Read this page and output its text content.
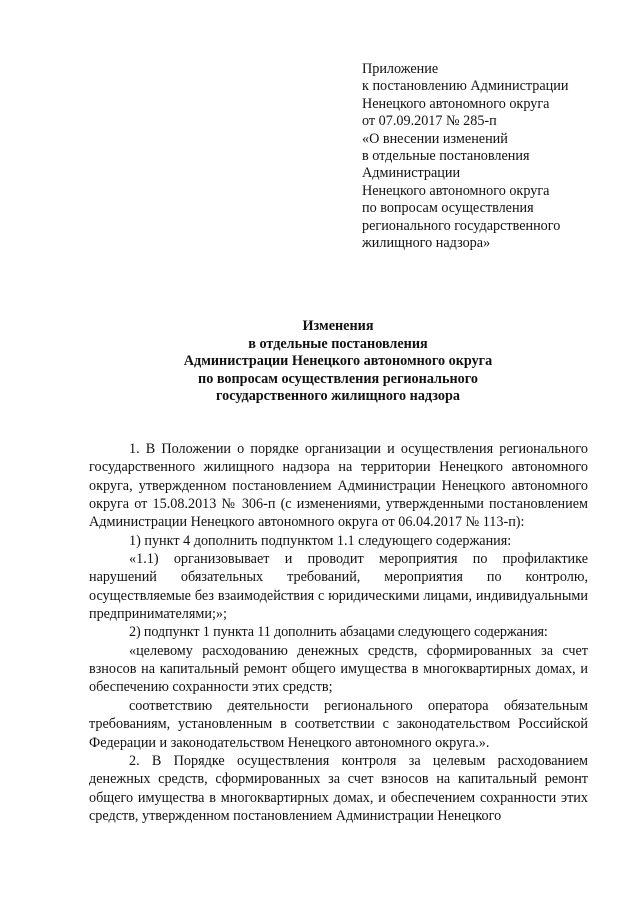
Приложение
к постановлению Администрации
Ненецкого автономного округа
от 07.09.2017 № 285-п
«О внесении изменений
в отдельные постановления
Администрации
Ненецкого автономного округа
по вопросам осуществления
регионального государственного
жилищного надзора»
Изменения
в отдельные постановления
Администрации Ненецкого автономного округа
по вопросам осуществления регионального
государственного жилищного надзора

1. В Положении о порядке организации и осуществления регионального государственного жилищного надзора на территории Ненецкого автономного округа, утвержденном постановлением Администрации Ненецкого автономного округа от 15.08.2013 № 306-п (с изменениями, утвержденными постановлением Администрации Ненецкого автономного округа от 06.04.2017 № 113-п):

1) пункт 4 дополнить подпунктом 1.1 следующего содержания:

«1.1) организовывает и проводит мероприятия по профилактике нарушений обязательных требований, мероприятия по контролю, осуществляемые без взаимодействия с юридическими лицами, индивидуальными предпринимателями;»;

2) подпункт 1 пункта 11 дополнить абзацами следующего содержания:

«целевому расходованию денежных средств, сформированных за счет взносов на капитальный ремонт общего имущества в многоквартирных домах, и обеспечению сохранности этих средств;

соответствию деятельности регионального оператора обязательным требованиям, установленным в соответствии с законодательством Российской Федерации и законодательством Ненецкого автономного округа.».

2. В Порядке осуществления контроля за целевым расходованием денежных средств, сформированных за счет взносов на капитальный ремонт общего имущества в многоквартирных домах, и обеспечением сохранности этих средств, утвержденном постановлением Администрации Ненецкого
